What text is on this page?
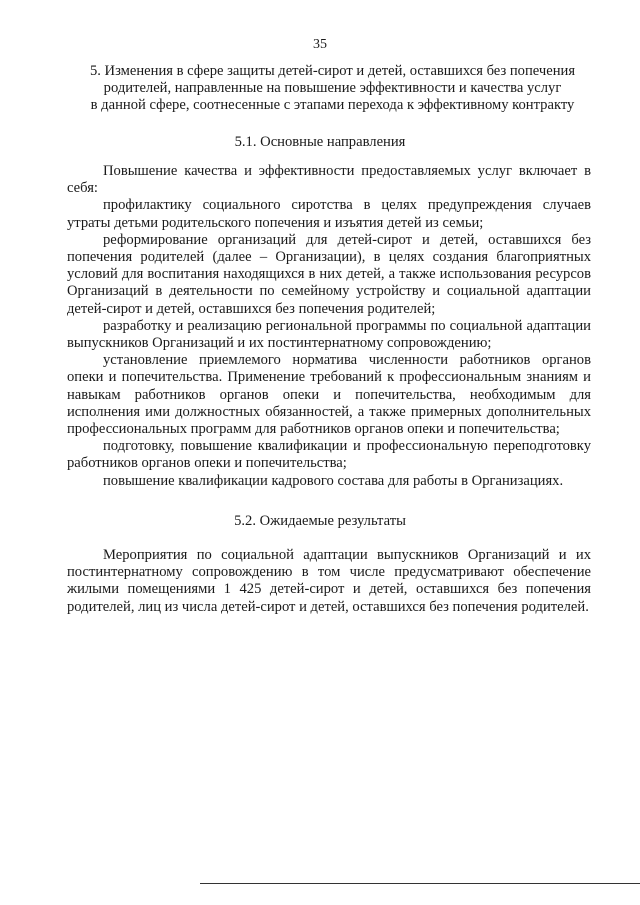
35
5. Изменения в сфере защиты детей-сирот и детей, оставшихся без попечения
родителей, направленные на повышение эффективности и качества услуг
в данной сфере, соотнесенные с этапами перехода к эффективному контракту
5.1. Основные направления

Повышение качества и эффективности предоставляемых услуг включает в себя:

профилактику социального сиротства в целях предупреждения случаев утраты детьми родительского попечения и изъятия детей из семьи;

реформирование организаций для детей-сирот и детей, оставшихся без попечения родителей (далее – Организации), в целях создания благоприятных условий для воспитания находящихся в них детей, а также использования ресурсов Организаций в деятельности по семейному устройству и социальной адаптации детей-сирот и детей, оставшихся без попечения родителей;

разработку и реализацию региональной программы по социальной адаптации выпускников Организаций и их постинтернатному сопровождению;

установление приемлемого норматива численности работников органов опеки и попечительства. Применение требований к профессиональным знаниям и навыкам работников органов опеки и попечительства, необходимым для исполнения ими должностных обязанностей, а также примерных дополнительных профессиональных программ для работников органов опеки и попечительства;

подготовку, повышение квалификации и профессиональную переподготовку работников органов опеки и попечительства;

повышение квалификации кадрового состава для работы в Организациях.

5.2. Ожидаемые результаты

Мероприятия по социальной адаптации выпускников Организаций и их постинтернатному сопровождению в том числе предусматривают обеспечение жилыми помещениями 1 425 детей-сирот и детей, оставшихся без попечения родителей, лиц из числа детей-сирот и детей, оставшихся без попечения родителей.
